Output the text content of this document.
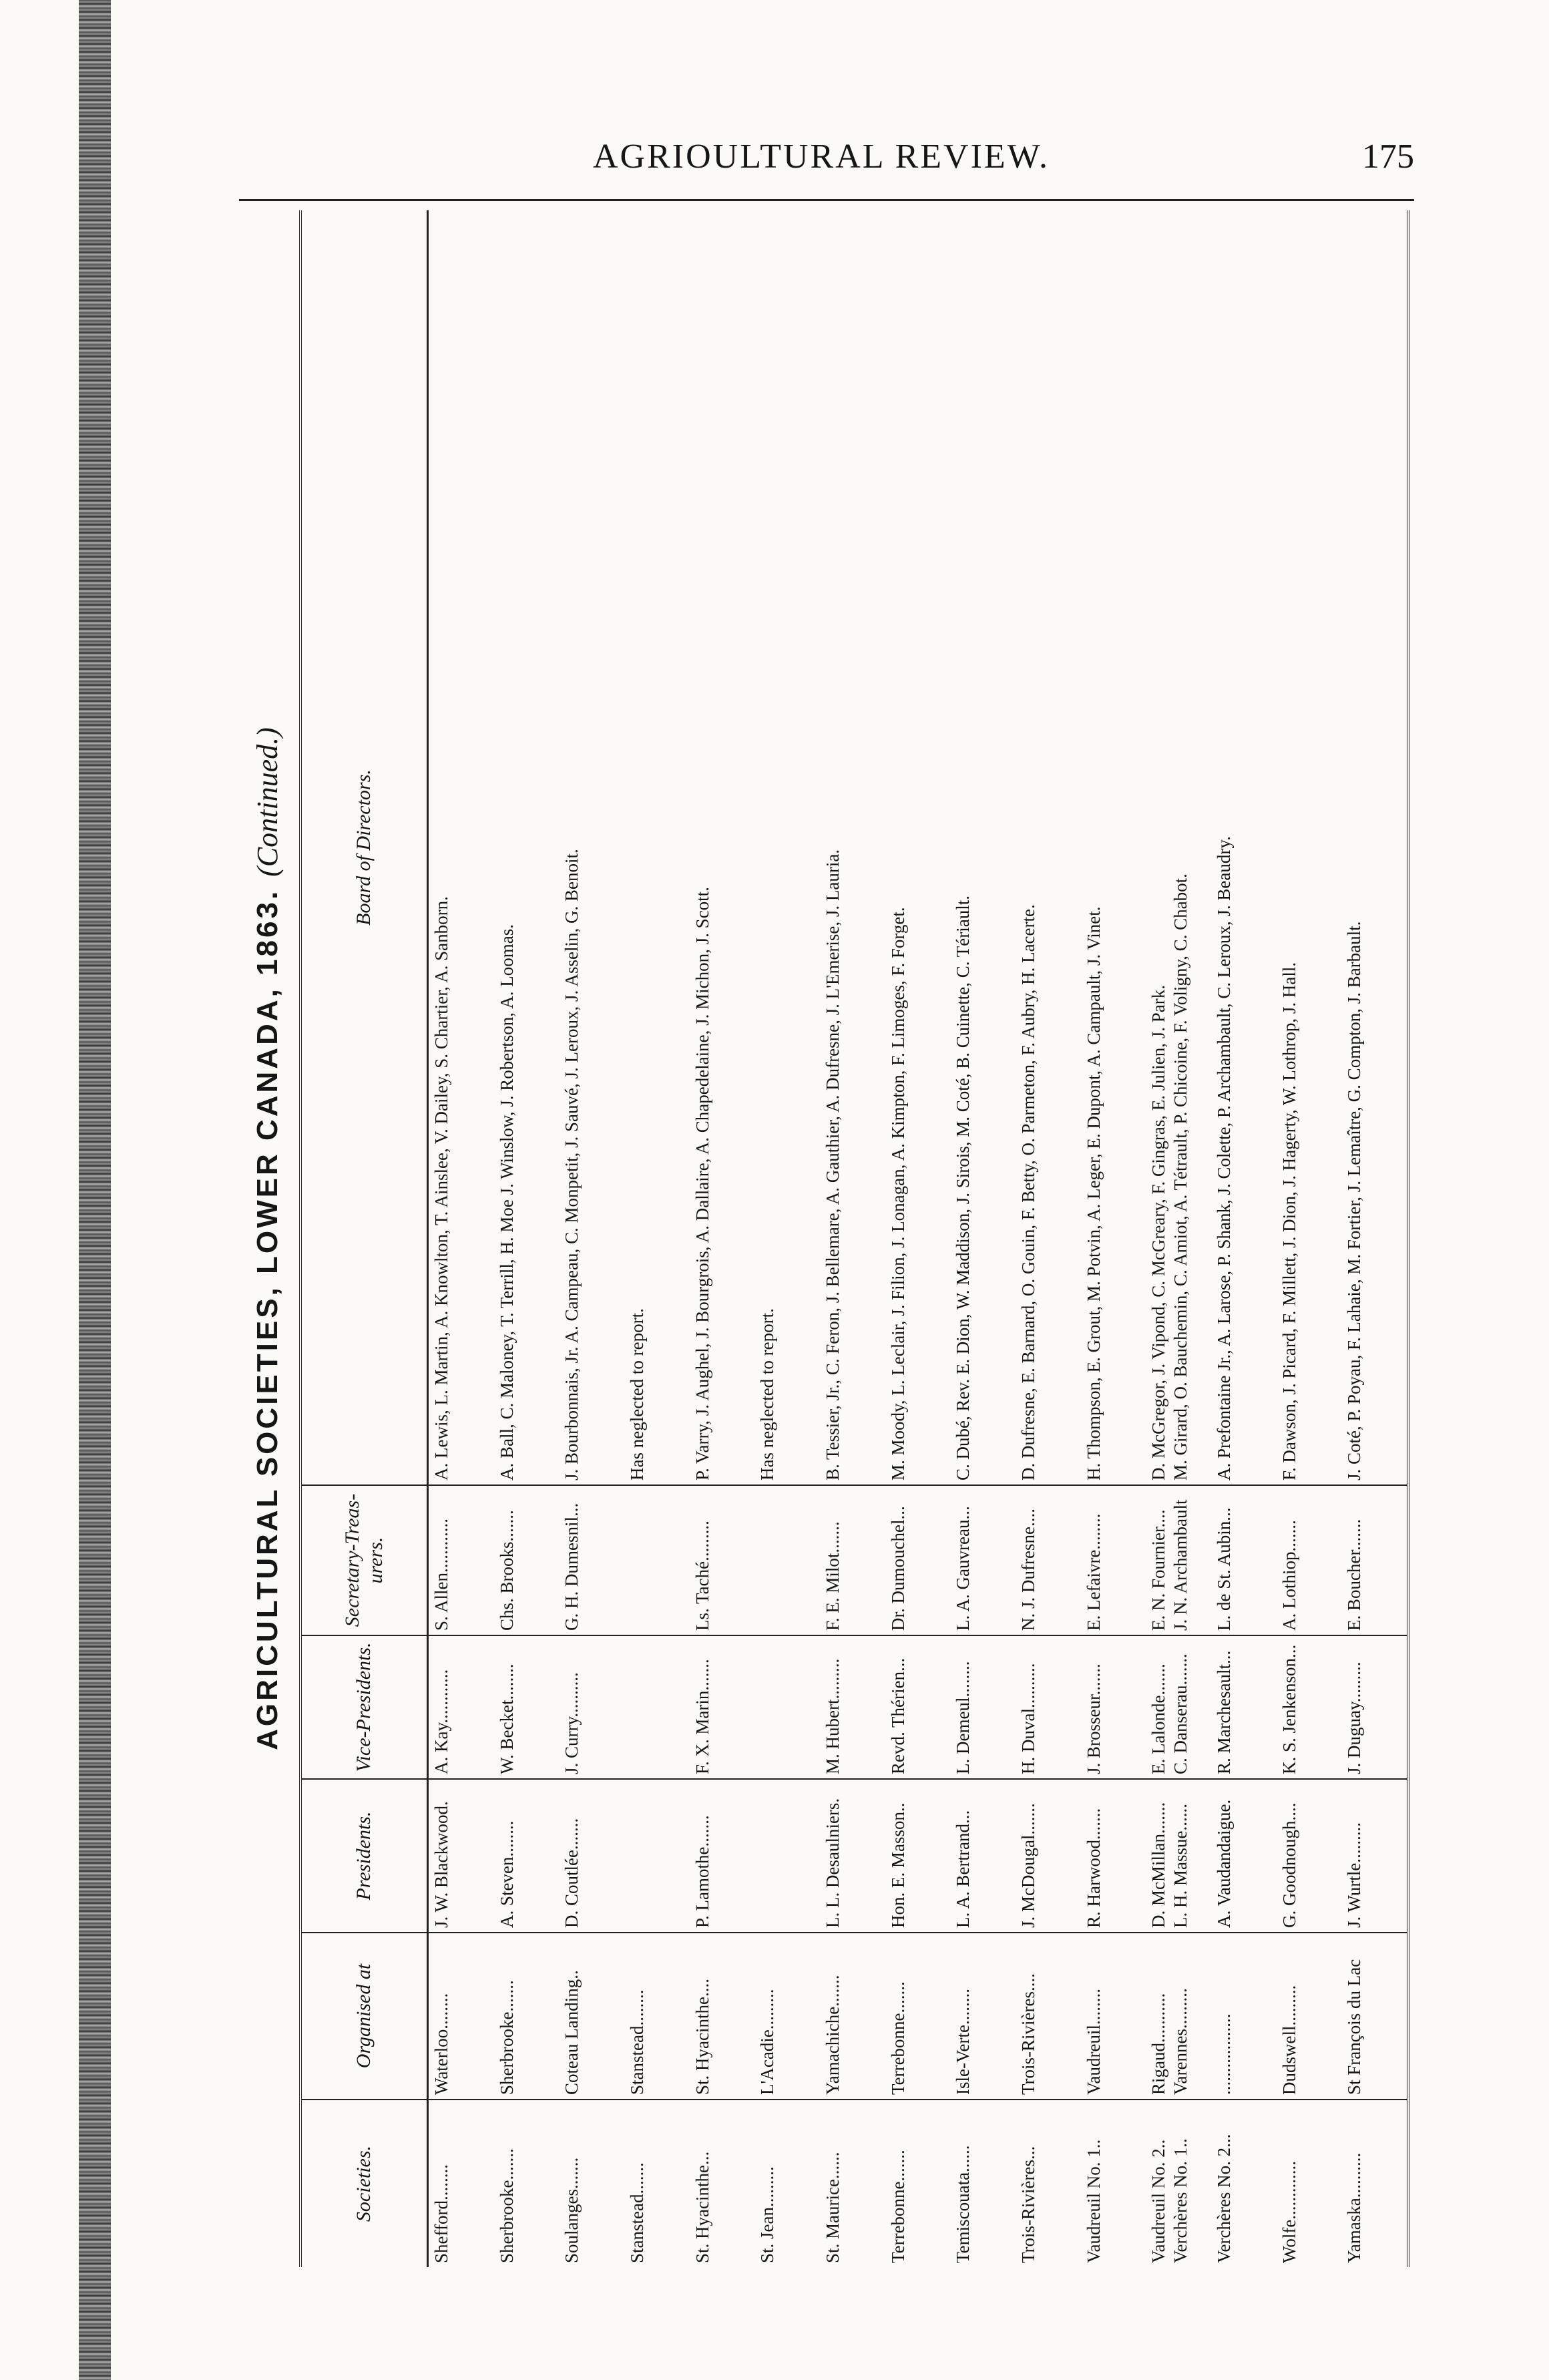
AGRIOULTURAL REVIEW.	175
AGRICULTURAL SOCIETIES, LOWER CANADA, 1863.
(Continued.)
Societies.
Organised at
Presidents.
Vice-Presidents.
Secretary-Treas-urers.
Board of Directors.
Shefford........
Waterloo........
J. W. Blackwood.
A. Kay............
S. Allen............
A. Lewis, L. Martin, A. Knowlton, T. Ainslee, V. Dailey, S. Chartier, A. Sanborn.
Sherbrooke.......
Sherbrooke.......
A. Steven........
W. Becket........
Chs. Brooks.......
A. Ball, C. Maloney, T. Terrill, H. Moe J. Winslow, J. Robertson, A. Loomas.
Soulanges.......
Coteau Landing..
D. Coutlée.......
J. Curry..........
G. H. Dumesnil...
J. Bourbonnais, Jr. A. Campeau, C. Monpetit, J. Sauvé, J. Leroux, J. Asselin, G. Benoit.
Stanstead.......
Stanstead........
Has neglected to report.
St. Hyacinthe...
St. Hyacinthe....
P. Lamothe.......
F. X. Marin.......
Ls. Taché.........
P. Varry, J. Aughel, J. Bourgrois, A. Dallaire, A. Chapedelaine, J. Michon, J. Scott.
St. Jean.........
L'Acadie.........
Has neglected to report.
St. Maurice......
Yamachiche.......
L. L. Desaulniers.
M. Hubert.........
F. E. Milot.......
B. Tessier, Jr., C. Feron, J. Bellemare, A. Gauthier, A. Dufresne, J. L'Emerise, J. Lauria.
Terrebonne.......
Terrebonne.......
Hon. E. Masson..
Revd. Thérien...
Dr. Dumouchel...
M. Moody, L. Leclair, J. Filion, J. Lonagan, A. Kimpton, F. Limoges, F. Forget.
Temiscouata......
Isle-Verte........
L. A. Bertrand...
L. Demeul........
L. A. Gauvreau...
C. Dubé, Rev. E. Dion, W. Maddison, J. Sirois, M. Coté, B. Cuinette, C. Tériault.
Trois-Rivières...
Trois-Rivières....
J. McDougal.......
H. Duval..........
N. J. Dufresne....
D. Dufresne, E. Barnard, O. Gouin, F. Betty, O. Parmeton, F. Aubry, H. Lacerte.
Vaudreuil No. 1..
Vaudreuil........
R. Harwood.......
J. Brosseur.......
E. Lefaivre........
H. Thompson, E. Grout, M. Potvin, A. Leger, E. Dupont, A. Campault, J. Vinet.
Vaudreuil No. 2..
Verchères No. 1..
Rigaud...........
Varennes.........
D. McMillan.......
L. H. Massue......
E. Lalonde.......
C. Danserau.......
E. N. Fournier....
J. N. Archambault
D. McGregor, J. Vipond, C. McGreary, F. Gingras, E. Julien, J. Park.
M. Girard, O. Bauchemin, C. Amiot, A. Tétrault, P. Chicoine, F. Voligny, C. Chabot.
Verchères No. 2...
..................
A. Vaudandaigue.
R. Marchesault...
L. de St. Aubin...
A. Prefontaine Jr., A. Larose, P. Shank, J. Colette, P. Archambault, C. Leroux, J. Beaudry.
Wolfe.............
Dudswell.........
G. Goodnough....
K. S. Jenkenson...
A. Lothiop.......
F. Dawson, J. Picard, F. Millett, J. Dion, J. Hagerty, W. Lothrop, J. Hall.
Yamaska..........
St François du Lac
J. Wurtle.........
J. Duguay.........
E. Boucher.......
J. Coté, P. Poyau, F. Lahaie, M. Fortier, J. Lemaître, G. Compton, J. Barbault.
